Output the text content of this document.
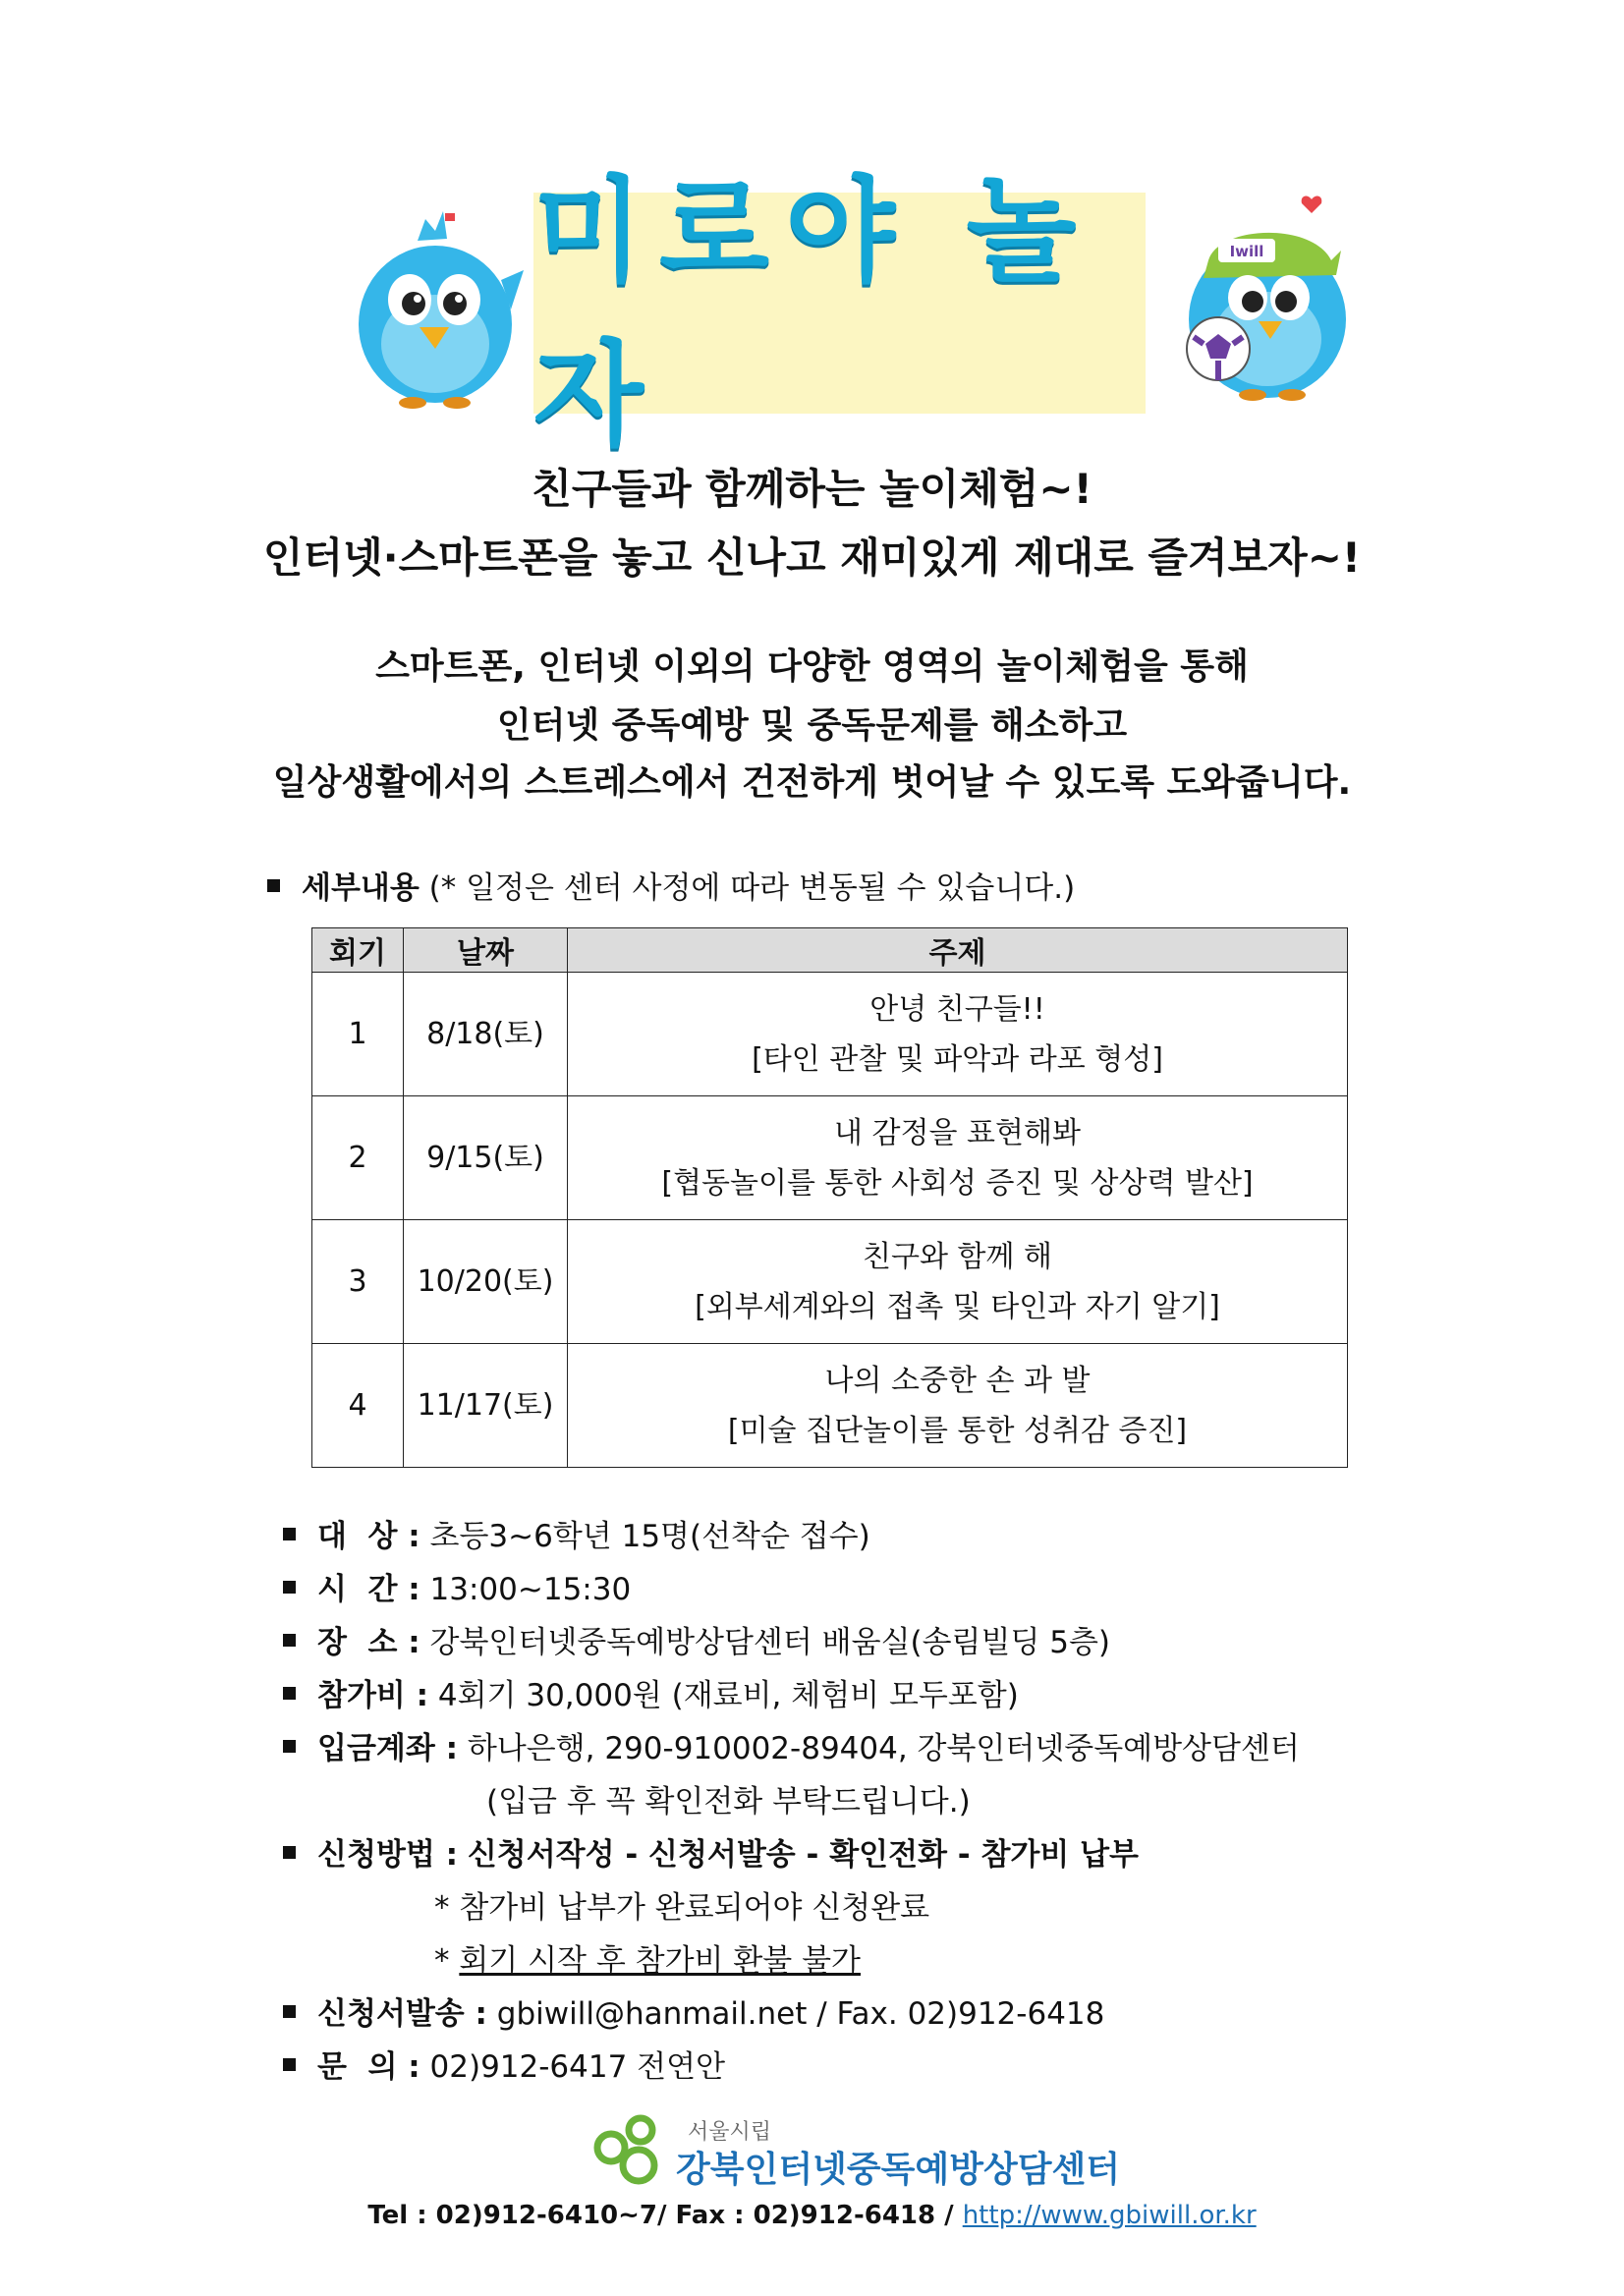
미로야 놀자
Iwill
친구들과 함께하는 놀이체험~!
인터넷·스마트폰을 놓고 신나고 재미있게 제대로 즐겨보자~!
스마트폰, 인터넷 이외의 다양한 영역의 놀이체험을 통해
인터넷 중독예방 및 중독문제를 해소하고
일상생활에서의 스트레스에서 건전하게 벗어날 수 있도록 도와줍니다.
세부내용 (* 일정은 센터 사정에 따라 변동될 수 있습니다.)
회기	날짜	주제
1	8/18(토)	안녕 친구들!!
[타인 관찰 및 파악과 라포 형성]

2	9/15(토)	내 감정을 표현해봐
[협동놀이를 통한 사회성 증진 및 상상력 발산]

3	10/20(토)	친구와 함께 해
[외부세계와의 접촉 및 타인과 자기 알기]

4	11/17(토)	나의 소중한 손 과 발
[미술 집단놀이를 통한 성취감 증진]
대  상 : 초등3~6학년 15명(선착순 접수)
시  간 : 13:00~15:30
장  소 : 강북인터넷중독예방상담센터 배움실(송림빌딩 5층)
참가비 : 4회기 30,000원 (재료비, 체험비 모두포함)
입금계좌 : 하나은행, 290-910002-89404, 강북인터넷중독예방상담센터
(입금 후 꼭 확인전화 부탁드립니다.)
신청방법 : 신청서작성 - 신청서발송 - 확인전화 - 참가비 납부
* 참가비 납부가 완료되어야 신청완료
* 회기 시작 후 참가비 환불 불가
신청서발송 : gbiwill@hanmail.net / Fax. 02)912-6418
문  의 : 02)912-6417 전연안
서울시립
강북인터넷중독예방상담센터
Tel : 02)912-6410~7/ Fax : 02)912-6418 / http://www.gbiwill.or.kr
